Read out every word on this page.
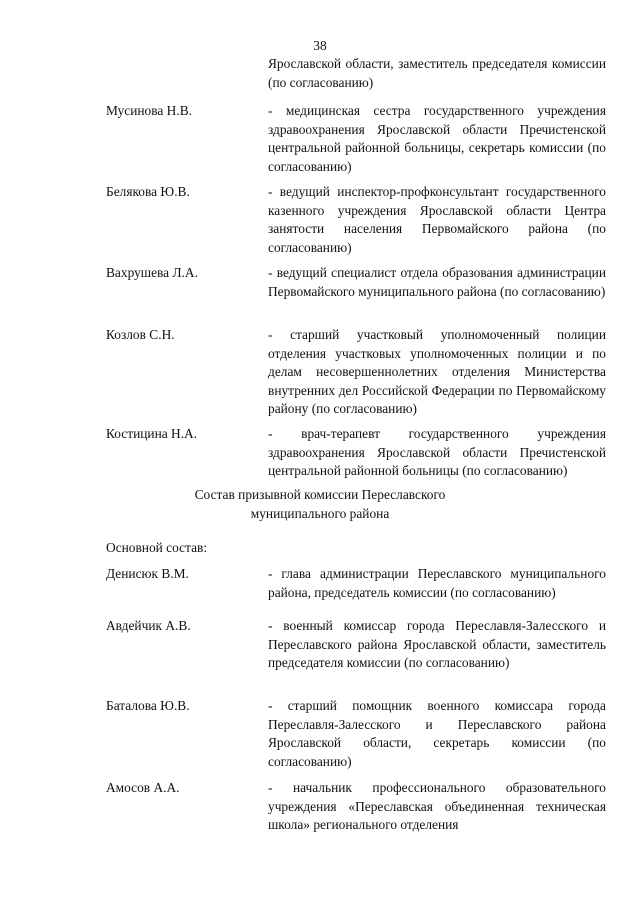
38
Ярославской области, заместитель председателя комиссии (по согласованию)
Мусинова Н.В.	- медицинская сестра государственного учреждения здравоохранения Ярославской области Пречистенской центральной районной больницы, секретарь комиссии (по согласованию)
Белякова Ю.В.	- ведущий инспектор-профконсультант государственного казенного учреждения Ярославской области Центра занятости населения Первомайского района (по согласованию)
Вахрушева Л.А.	- ведущий специалист отдела образования администрации Первомайского муниципального района (по согласованию)
Козлов С.Н.	- старший участковый уполномоченный полиции отделения участковых уполномоченных полиции и по делам несовершеннолетних отделения Министерства внутренних дел Российской Федерации по Первомайскому району (по согласованию)
Костицина Н.А.	- врач-терапевт государственного учреждения здравоохранения Ярославской области Пречистенской центральной районной больницы (по согласованию)
Состав призывной комиссии Переславского
муниципального района
Основной состав:
Денисюк В.М.	- глава администрации Переславского муниципального района, председатель комиссии (по согласованию)
Авдейчик А.В.	- военный комиссар города Переславля-Залесского и Переславского района Ярославской области, заместитель председателя комиссии (по согласованию)
Баталова Ю.В.	- старший помощник военного комиссара города Переславля-Залесского и Переславского района Ярославской области, секретарь комиссии (по согласованию)
Амосов А.А.	- начальник профессионального образовательного учреждения «Переславская объединенная техническая школа» регионального отделения
